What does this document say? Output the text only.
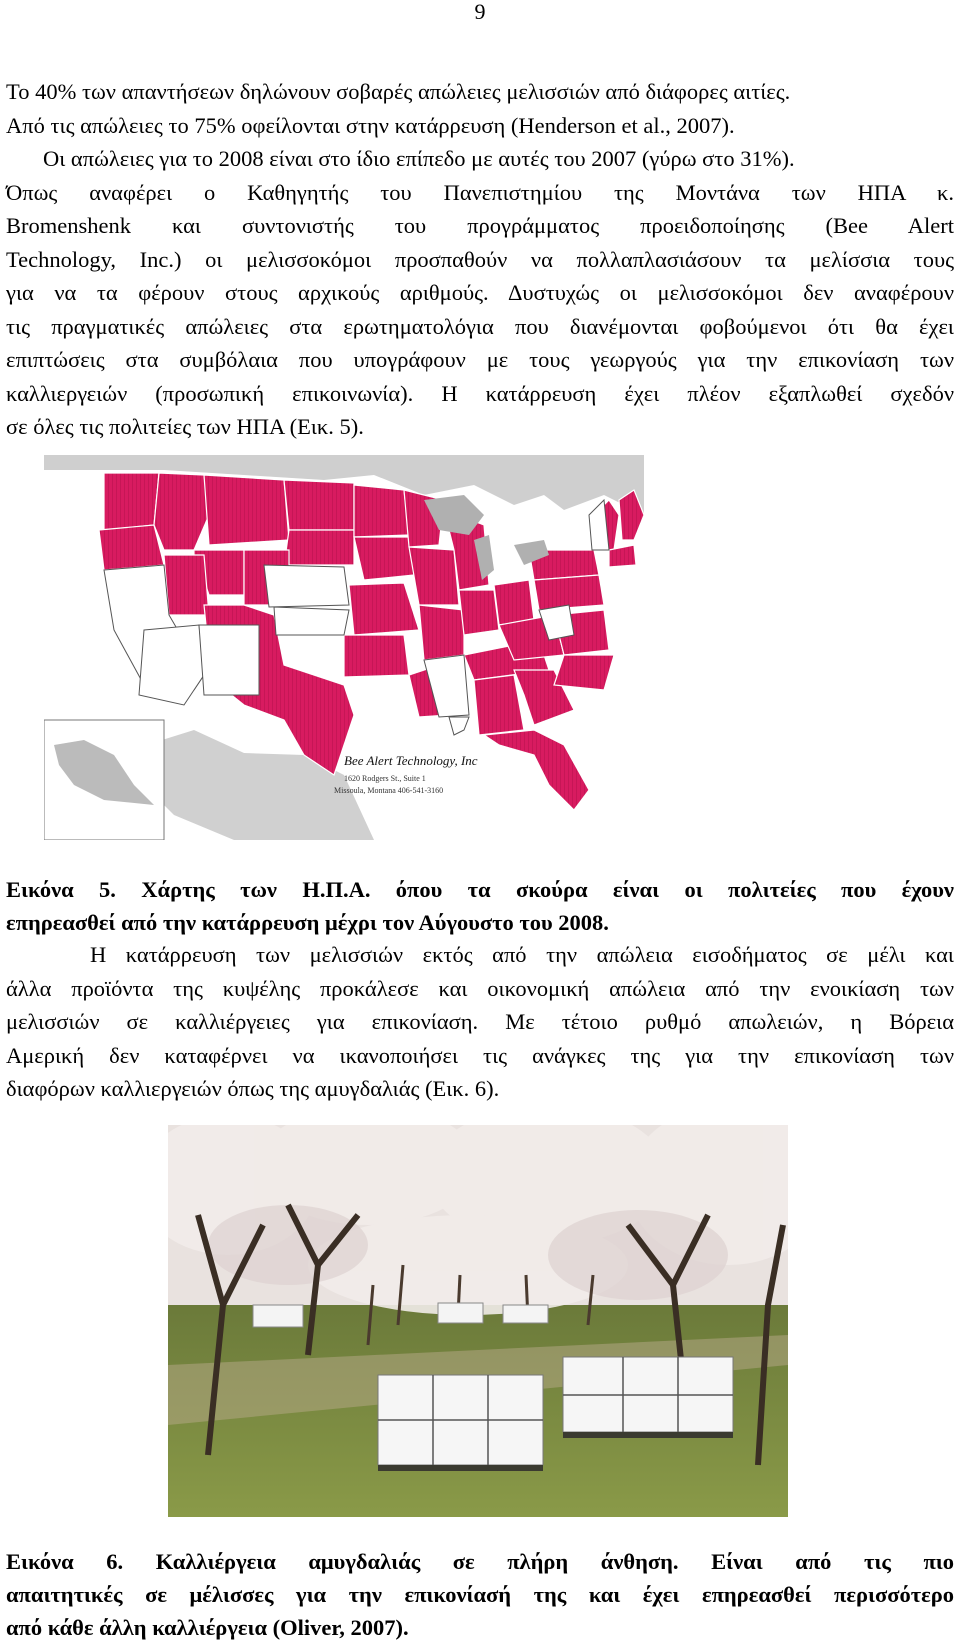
9
Το 40% των απαντήσεων δηλώνουν σοβαρές απώλειες μελισσιών από διάφορες αιτίες.
Από τις απώλειες το 75% οφείλονται στην κατάρρευση (Henderson et al., 2007).
Οι απώλειες για το 2008 είναι στο ίδιο επίπεδο με αυτές του 2007 (γύρω στο 31%).
Όπως αναφέρει ο Καθηγητής του Πανεπιστημίου της Μοντάνα των ΗΠΑ κ.
Bromenshenk και συντονιστής του προγράμματος προειδοποίησης (Bee Alert
Technology, Inc.) οι μελισσοκόμοι προσπαθούν να πολλαπλασιάσουν τα μελίσσια τους
για να τα φέρουν στους αρχικούς αριθμούς. Δυστυχώς οι μελισσοκόμοι δεν αναφέρουν
τις πραγματικές απώλειες στα ερωτηματολόγια που διανέμονται φοβούμενοι ότι θα έχει
επιπτώσεις στα συμβόλαια που υπογράφουν με τους γεωργούς για την επικονίαση των
καλλιεργειών (προσωπική επικοινωνία). Η κατάρρευση έχει πλέον εξαπλωθεί σχεδόν
σε όλες τις πολιτείες των ΗΠΑ (Εικ. 5).
Bee Alert Technology, Inc
1620 Rodgers St., Suite 1
Missoula, Montana 406-541-3160
Εικόνα 5. Χάρτης των Η.Π.Α. όπου τα σκούρα είναι οι πολιτείες που έχουν
επηρεασθεί από την κατάρρευση μέχρι τον Αύγουστο του 2008.
Η κατάρρευση των μελισσιών εκτός από την απώλεια εισοδήματος σε μέλι και
άλλα προϊόντα της κυψέλης προκάλεσε και οικονομική απώλεια από την ενοικίαση των
μελισσιών σε καλλιέργειες για επικονίαση. Με τέτοιο ρυθμό απωλειών, η Βόρεια
Αμερική δεν καταφέρνει να ικανοποιήσει τις ανάγκες της για την επικονίαση των
διαφόρων καλλιεργειών όπως της αμυγδαλιάς (Εικ. 6).
Εικόνα 6. Καλλιέργεια αμυγδαλιάς σε πλήρη άνθηση. Είναι από τις πιο
απαιτητικές σε μέλισσες για την επικονίασή της και έχει επηρεασθεί περισσότερο
από κάθε άλλη καλλιέργεια (Oliver, 2007).
